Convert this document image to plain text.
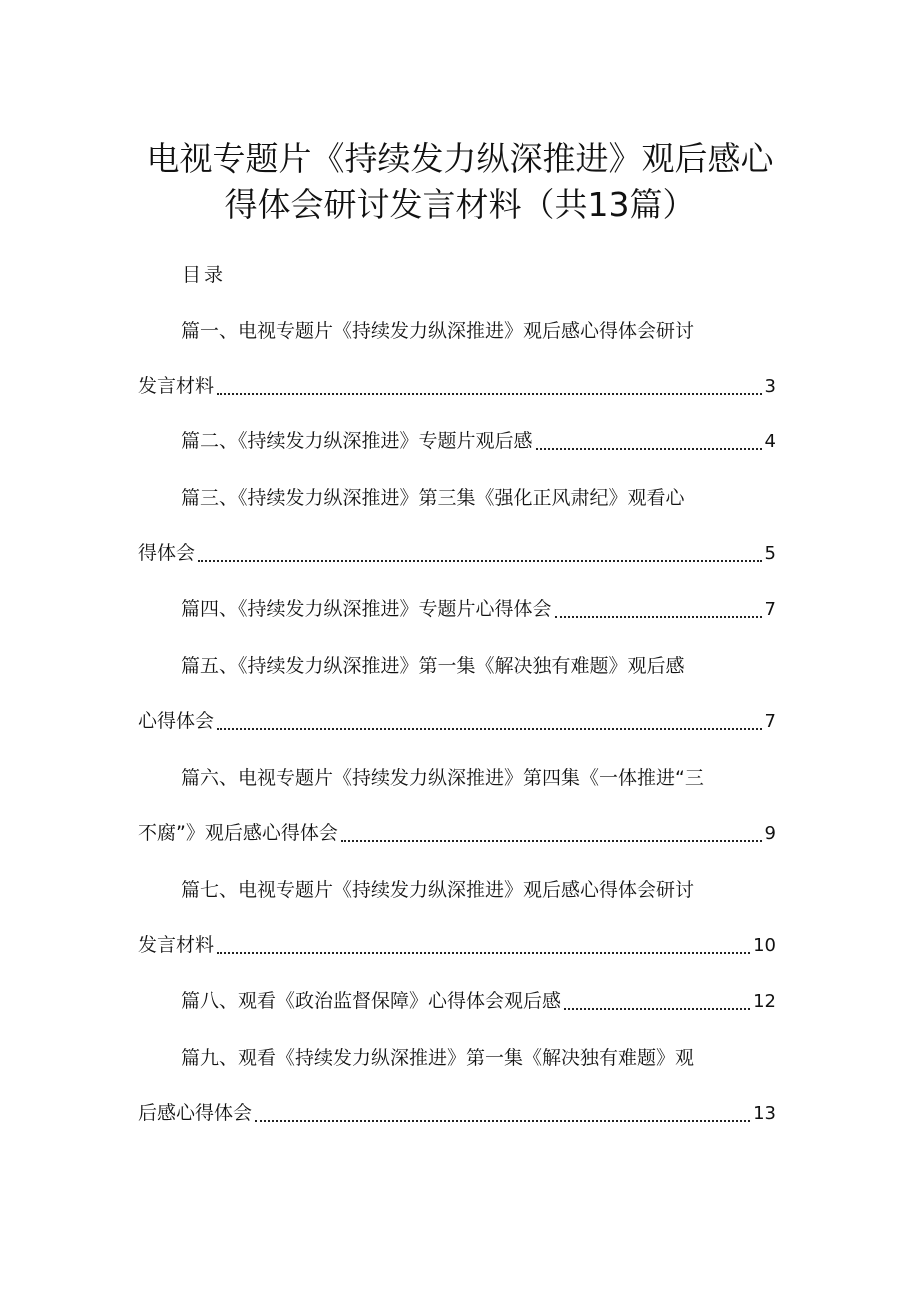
电视专题片《持续发力纵深推进》观后感心
得体会研讨发言材料（共13篇）
目录
篇一、电视专题片《持续发力纵深推进》观后感心得体会研讨
发言材料	3
篇二、《持续发力纵深推进》专题片观后感	4
篇三、《持续发力纵深推进》第三集《强化正风肃纪》观看心
得体会	5
篇四、《持续发力纵深推进》专题片心得体会	7
篇五、《持续发力纵深推进》第一集《解决独有难题》观后感
心得体会	7
篇六、电视专题片《持续发力纵深推进》第四集《一体推进“三
不腐”》观后感心得体会	9
篇七、电视专题片《持续发力纵深推进》观后感心得体会研讨
发言材料	10
篇八、观看《政治监督保障》心得体会观后感	12
篇九、观看《持续发力纵深推进》第一集《解决独有难题》观
后感心得体会	13
